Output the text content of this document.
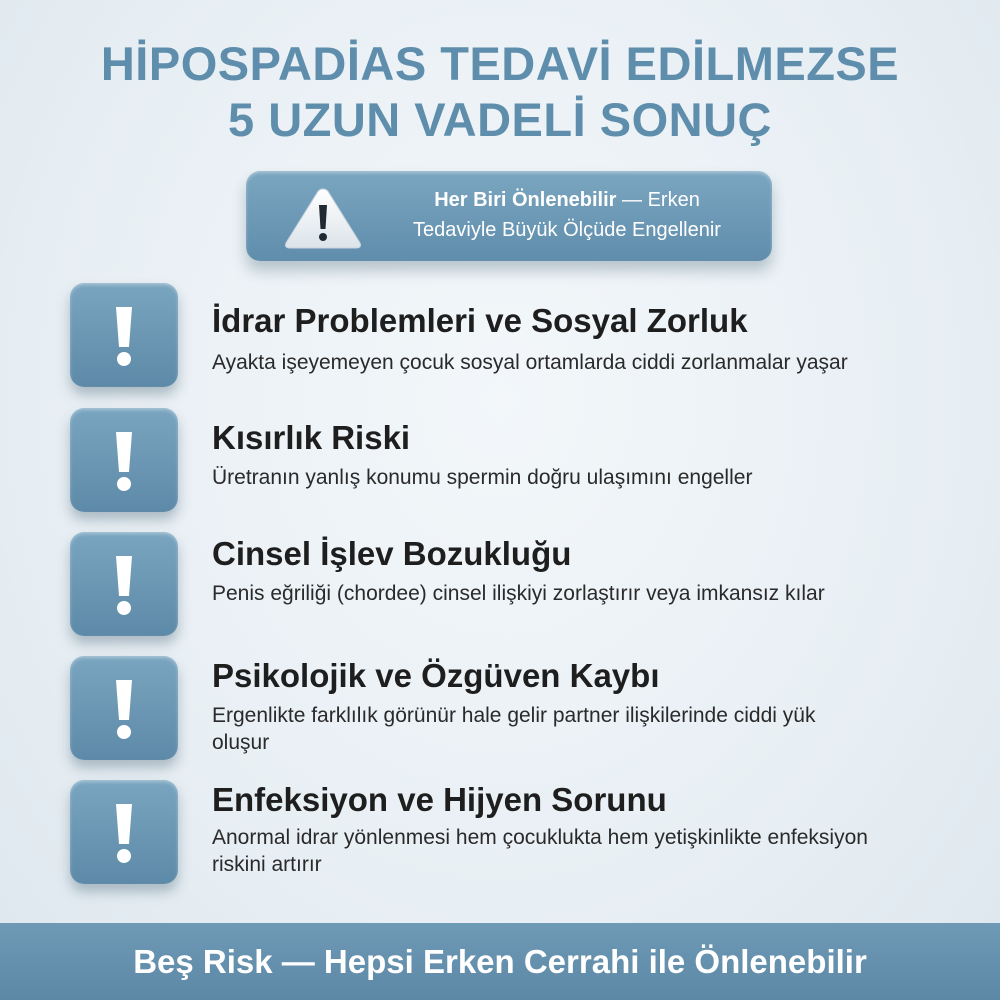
HİPOSPADİAS TEDAVİ EDİLMEZSE
5 UZUN VADELİ SONUÇ
Her Biri Önlenebilir — Erken
Tedaviyle Büyük Ölçüde Engellenir
İdrar Problemleri ve Sosyal Zorluk

Ayakta işeyemeyen çocuk sosyal ortamlarda ciddi zorlanmalar yaşar

Kısırlık Riski

Üretranın yanlış konumu spermin doğru ulaşımını engeller

Cinsel İşlev Bozukluğu

Penis eğriliği (chordee) cinsel ilişkiyi zorlaştırır veya imkansız kılar

Psikolojik ve Özgüven Kaybı

Ergenlikte farklılık görünür hale gelir partner ilişkilerinde ciddi yük oluşur

Enfeksiyon ve Hijyen Sorunu

Anormal idrar yönlenmesi hem çocuklukta hem yetişkinlikte enfeksiyon riskini artırır

Beş Risk — Hepsi Erken Cerrahi ile Önlenebilir
